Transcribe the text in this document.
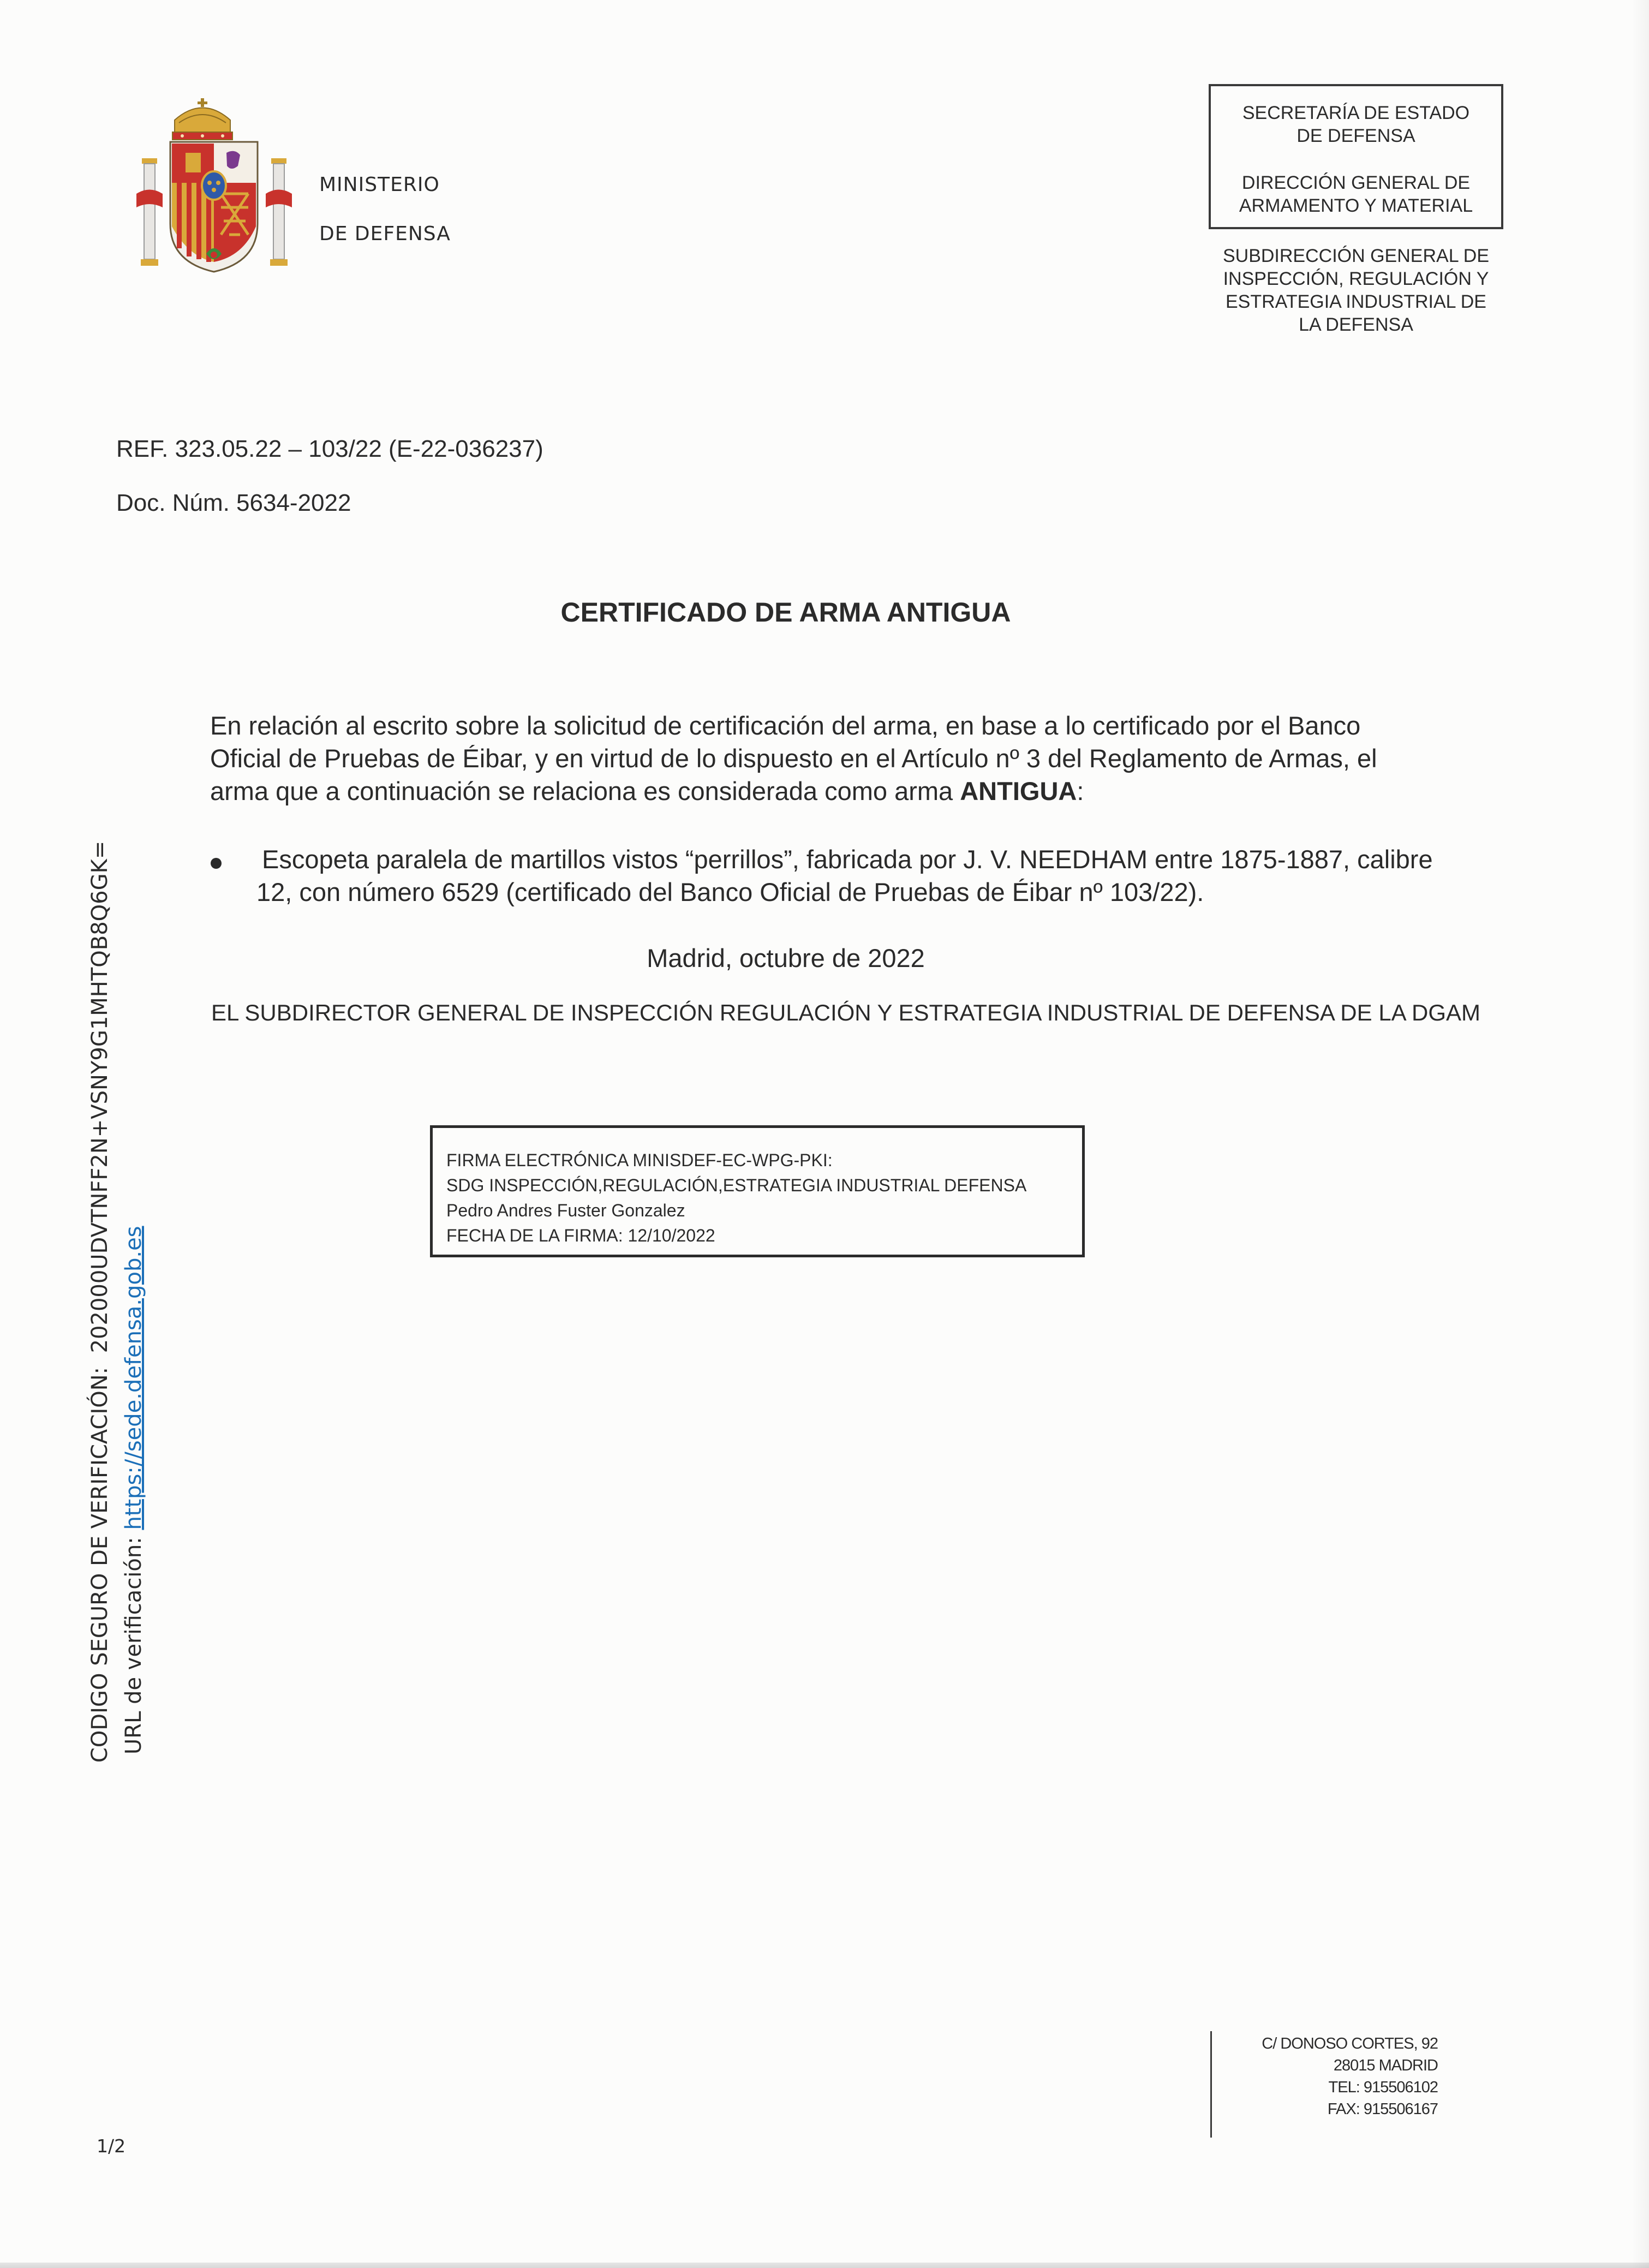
MINISTERIO
DE DEFENSA
SECRETARÍA DE ESTADO DE DEFENSA
DIRECCIÓN GENERAL DE ARMAMENTO Y MATERIAL
SUBDIRECCIÓN GENERAL DE
INSPECCIÓN, REGULACIÓN Y
ESTRATEGIA INDUSTRIAL DE
LA DEFENSA
REF. 323.05.22 – 103/22 (E-22-036237)
Doc. Núm. 5634-2022
CERTIFICADO DE ARMA ANTIGUA

En relación al escrito sobre la solicitud de certificación del arma, en base a lo certificado por el Banco Oficial de Pruebas de Éibar, y en virtud de lo dispuesto en el Artículo nº 3 del Reglamento de Armas, el arma que a continuación se relaciona es considerada como arma ANTIGUA:

Escopeta paralela de martillos vistos “perrillos”, fabricada por J. V. NEEDHAM entre 1875-1887, calibre 12, con número 6529 (certificado del Banco Oficial de Pruebas de Éibar nº 103/22).

Madrid, octubre de 2022
EL SUBDIRECTOR GENERAL DE INSPECCIÓN REGULACIÓN Y ESTRATEGIA INDUSTRIAL DE DEFENSA DE LA DGAM
FIRMA ELECTRÓNICA MINISDEF-EC-WPG-PKI:
SDG INSPECCIÓN,REGULACIÓN,ESTRATEGIA INDUSTRIAL DEFENSA
Pedro Andres Fuster Gonzalez
FECHA DE LA FIRMA: 12/10/2022
CODIGO SEGURO DE VERIFICACIÓN:  202000UDVTNFF2N+VSNY9G1MHTQB8Q6GK=
URL de verificación: https://sede.defensa.gob.es
C/ DONOSO CORTES, 92
28015 MADRID
TEL: 915506102
FAX: 915506167
1/2
